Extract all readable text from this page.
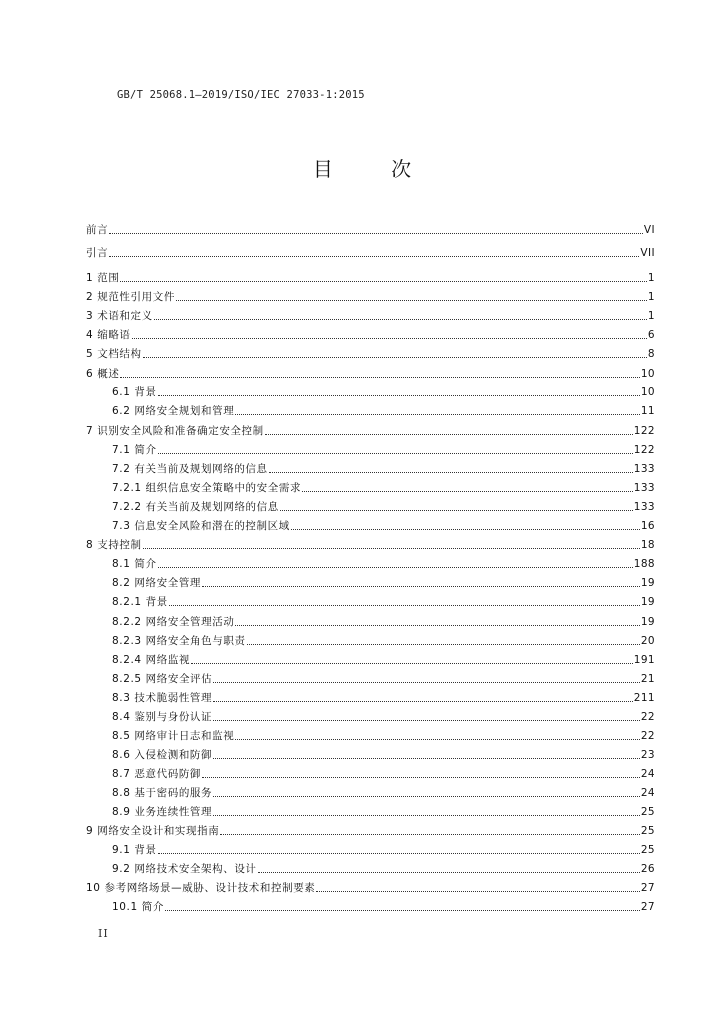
GB/T 25068.1—2019/ISO/IEC 27033-1:2015
目 次
前言	VI
引言	VII
1 范围	1
2 规范性引用文件	1
3 术语和定义	1
4 缩略语	6
5 文档结构	8
6 概述	10
6.1 背景	10
6.2 网络安全规划和管理	11
7 识别安全风险和准备确定安全控制	122
7.1 简介	122
7.2 有关当前及规划网络的信息	133
7.2.1 组织信息安全策略中的安全需求	133
7.2.2 有关当前及规划网络的信息	133
7.3 信息安全风险和潜在的控制区域	16
8 支持控制	18
8.1 简介	188
8.2 网络安全管理	19
8.2.1 背景	19
8.2.2 网络安全管理活动	19
8.2.3 网络安全角色与职责	20
8.2.4 网络监视	191
8.2.5 网络安全评估	21
8.3 技术脆弱性管理	211
8.4 鉴别与身份认证	22
8.5 网络审计日志和监视	22
8.6 入侵检测和防御	23
8.7 恶意代码防御	24
8.8 基于密码的服务	24
8.9 业务连续性管理	25
9 网络安全设计和实现指南	25
9.1 背景	25
9.2 网络技术安全架构、设计	26
10 参考网络场景—威胁、设计技术和控制要素	27
10.1 简介	27
II
